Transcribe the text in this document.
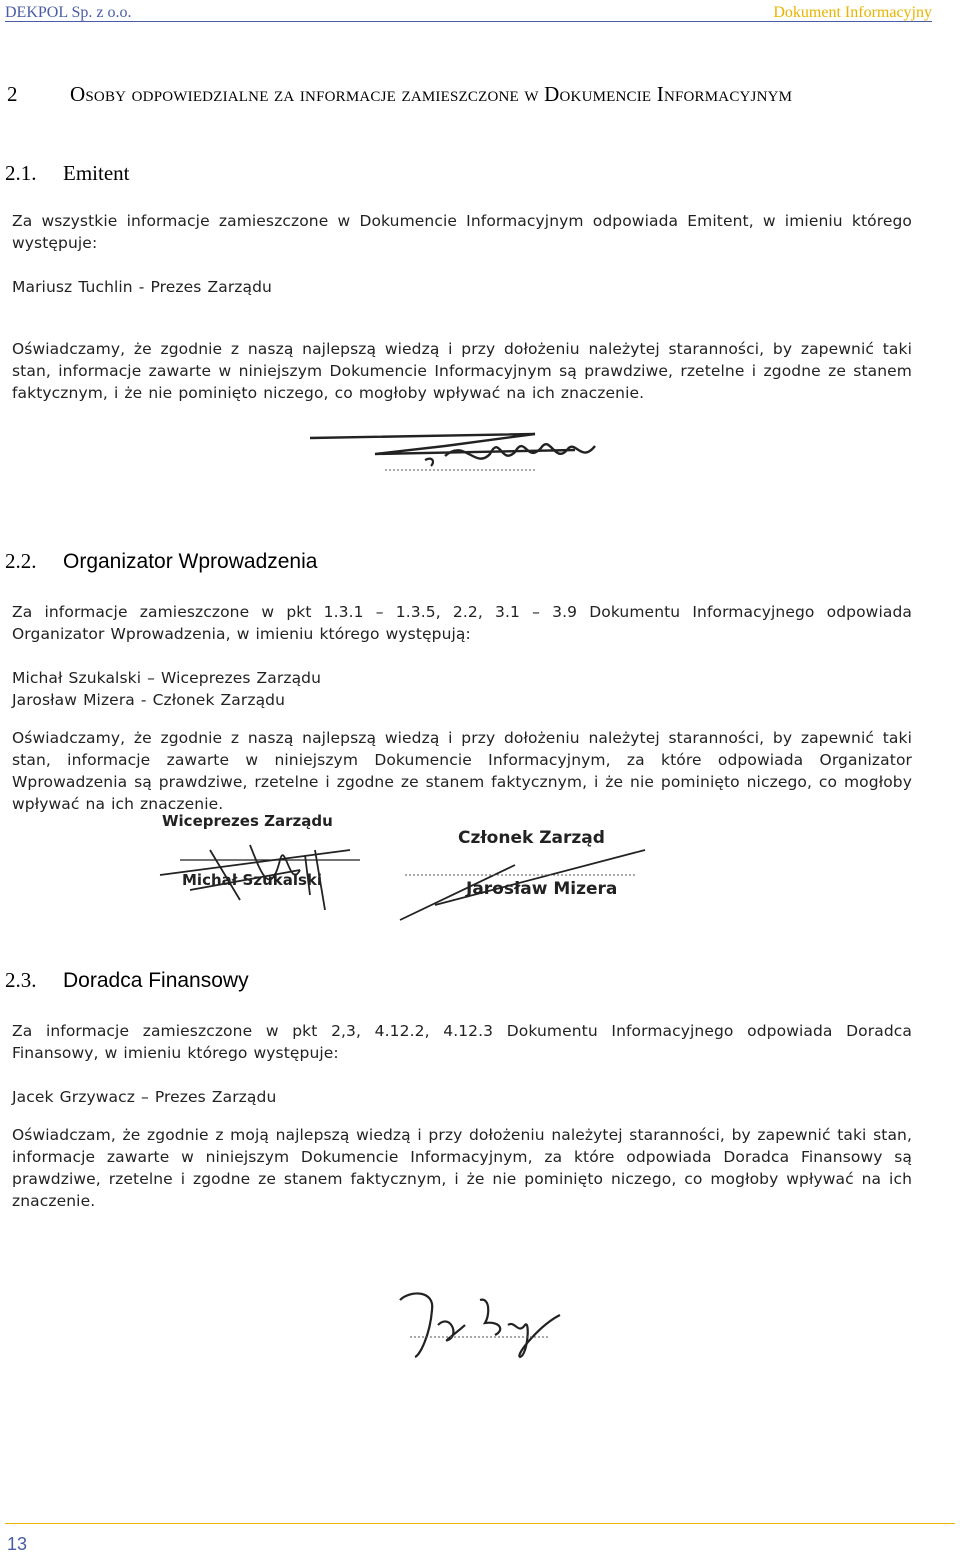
DEKPOL Sp. z o.o.	Dokument Informacyjny
2	Osoby odpowiedzialne za informacje zamieszczone w Dokumencie Informacyjnym
2.1. Emitent

Za wszystkie informacje zamieszczone w Dokumencie Informacyjnym odpowiada Emitent, w imieniu którego występuje:

Mariusz Tuchlin - Prezes Zarządu

Oświadczamy, że zgodnie z naszą najlepszą wiedzą i przy dołożeniu należytej staranności, by zapewnić taki stan, informacje zawarte w niniejszym Dokumencie Informacyjnym są prawdziwe, rzetelne i zgodne ze stanem faktycznym, i że nie pominięto niczego, co mogłoby wpływać na ich znaczenie.

2.2. Organizator Wprowadzenia

Za informacje zamieszczone w pkt 1.3.1 – 1.3.5, 2.2, 3.1 – 3.9 Dokumentu Informacyjnego odpowiada Organizator Wprowadzenia, w imieniu którego występują:

Michał Szukalski – Wiceprezes Zarządu

Jarosław Mizera - Członek Zarządu

Oświadczamy, że zgodnie z naszą najlepszą wiedzą i przy dołożeniu należytej staranności, by zapewnić taki stan, informacje zawarte w niniejszym Dokumencie Informacyjnym, za które odpowiada Organizator Wprowadzenia są prawdziwe, rzetelne i zgodne ze stanem faktycznym, i że nie pominięto niczego, co mogłoby wpływać na ich znaczenie.

Wiceprezes Zarządu
Michał Szukalski
Członek Zarząd
Jarosław Mizera
2.3. Doradca Finansowy

Za informacje zamieszczone w pkt 2,3, 4.12.2, 4.12.3 Dokumentu Informacyjnego odpowiada Doradca Finansowy, w imieniu którego występuje:

Jacek Grzywacz – Prezes Zarządu

Oświadczam, że zgodnie z moją najlepszą wiedzą i przy dołożeniu należytej staranności, by zapewnić taki stan, informacje zawarte w niniejszym Dokumencie Informacyjnym, za które odpowiada Doradca Finansowy są prawdziwe, rzetelne i zgodne ze stanem faktycznym, i że nie pominięto niczego, co mogłoby wpływać na ich znaczenie.

13
